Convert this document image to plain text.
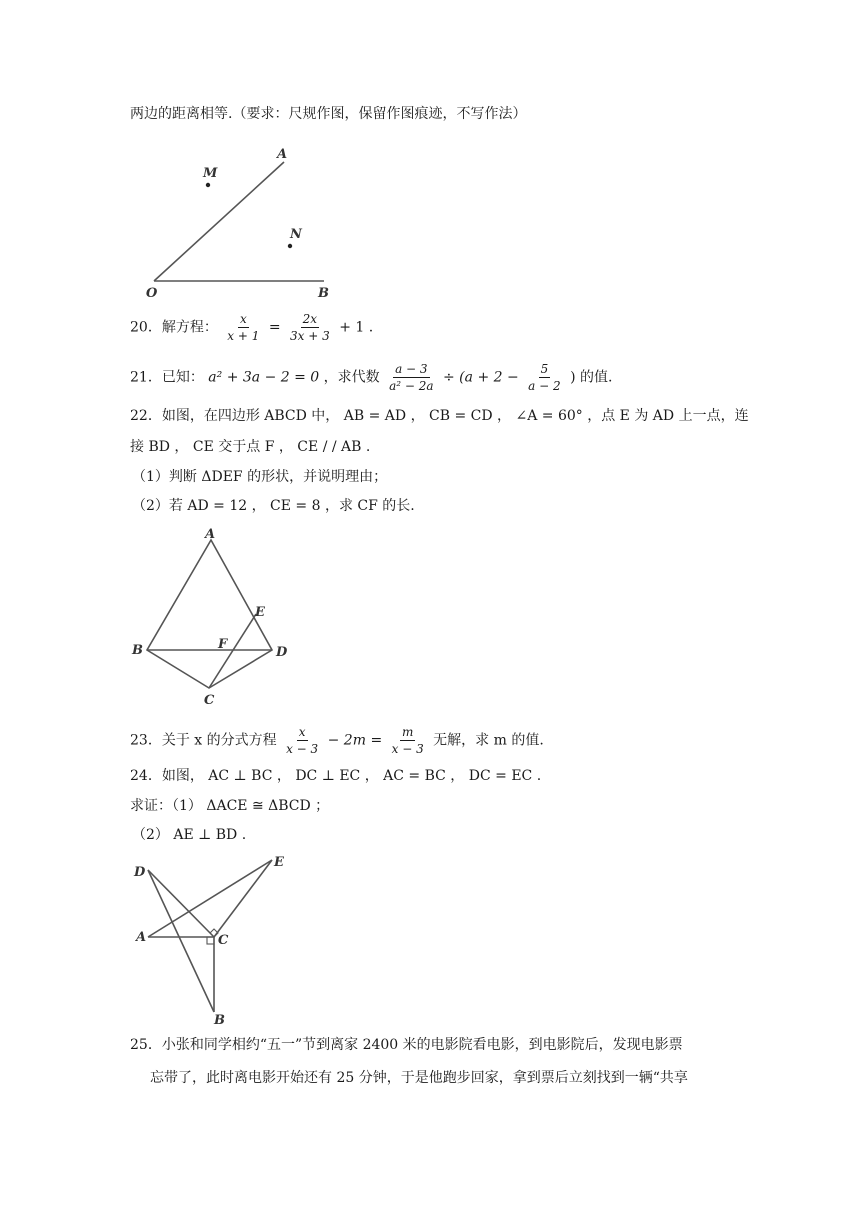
两边的距离相等.（要求：尺规作图，保留作图痕迹，不写作法）
A
M
N
O	B
20．解方程： $\frac{x}{x + 1} = \frac{2x}{3x + 3} + 1$ .
21．已知： a² + 3a − 2 = 0 ，求代数 $\frac{a - 3}{\text{a² − 2a}} \div (a + 2 - \frac{5}{a - 2}$ ) 的值.
22．如图，在四边形 ABCD 中， AB = AD ， CB = CD ， ∠A = 60° ，点 E 为 AD 上一点，连
接 BD ， CE 交于点 F ， CE / / AB .
（1）判断 ΔDEF 的形状，并说明理由；
（2）若 AD = 12 ， CE = 8 ，求 CF 的长.
A
B
C
D
E
F
23．关于 x 的分式方程 $\frac{x}{x - 3} - 2m = \frac{m}{x - 3}$ 无解，求 m 的值.
24．如图， AC ⊥ BC ， DC ⊥ EC ， AC = BC ， DC = EC .
求证：（1） ΔACE ≅ ΔBCD ；
（2） AE ⊥ BD .
D
E
A	C
B
25．小张和同学相约“五一”节到离家 2400 米的电影院看电影，到电影院后，发现电影票
忘带了，此时离电影开始还有 25 分钟，于是他跑步回家，拿到票后立刻找到一辆“共享
